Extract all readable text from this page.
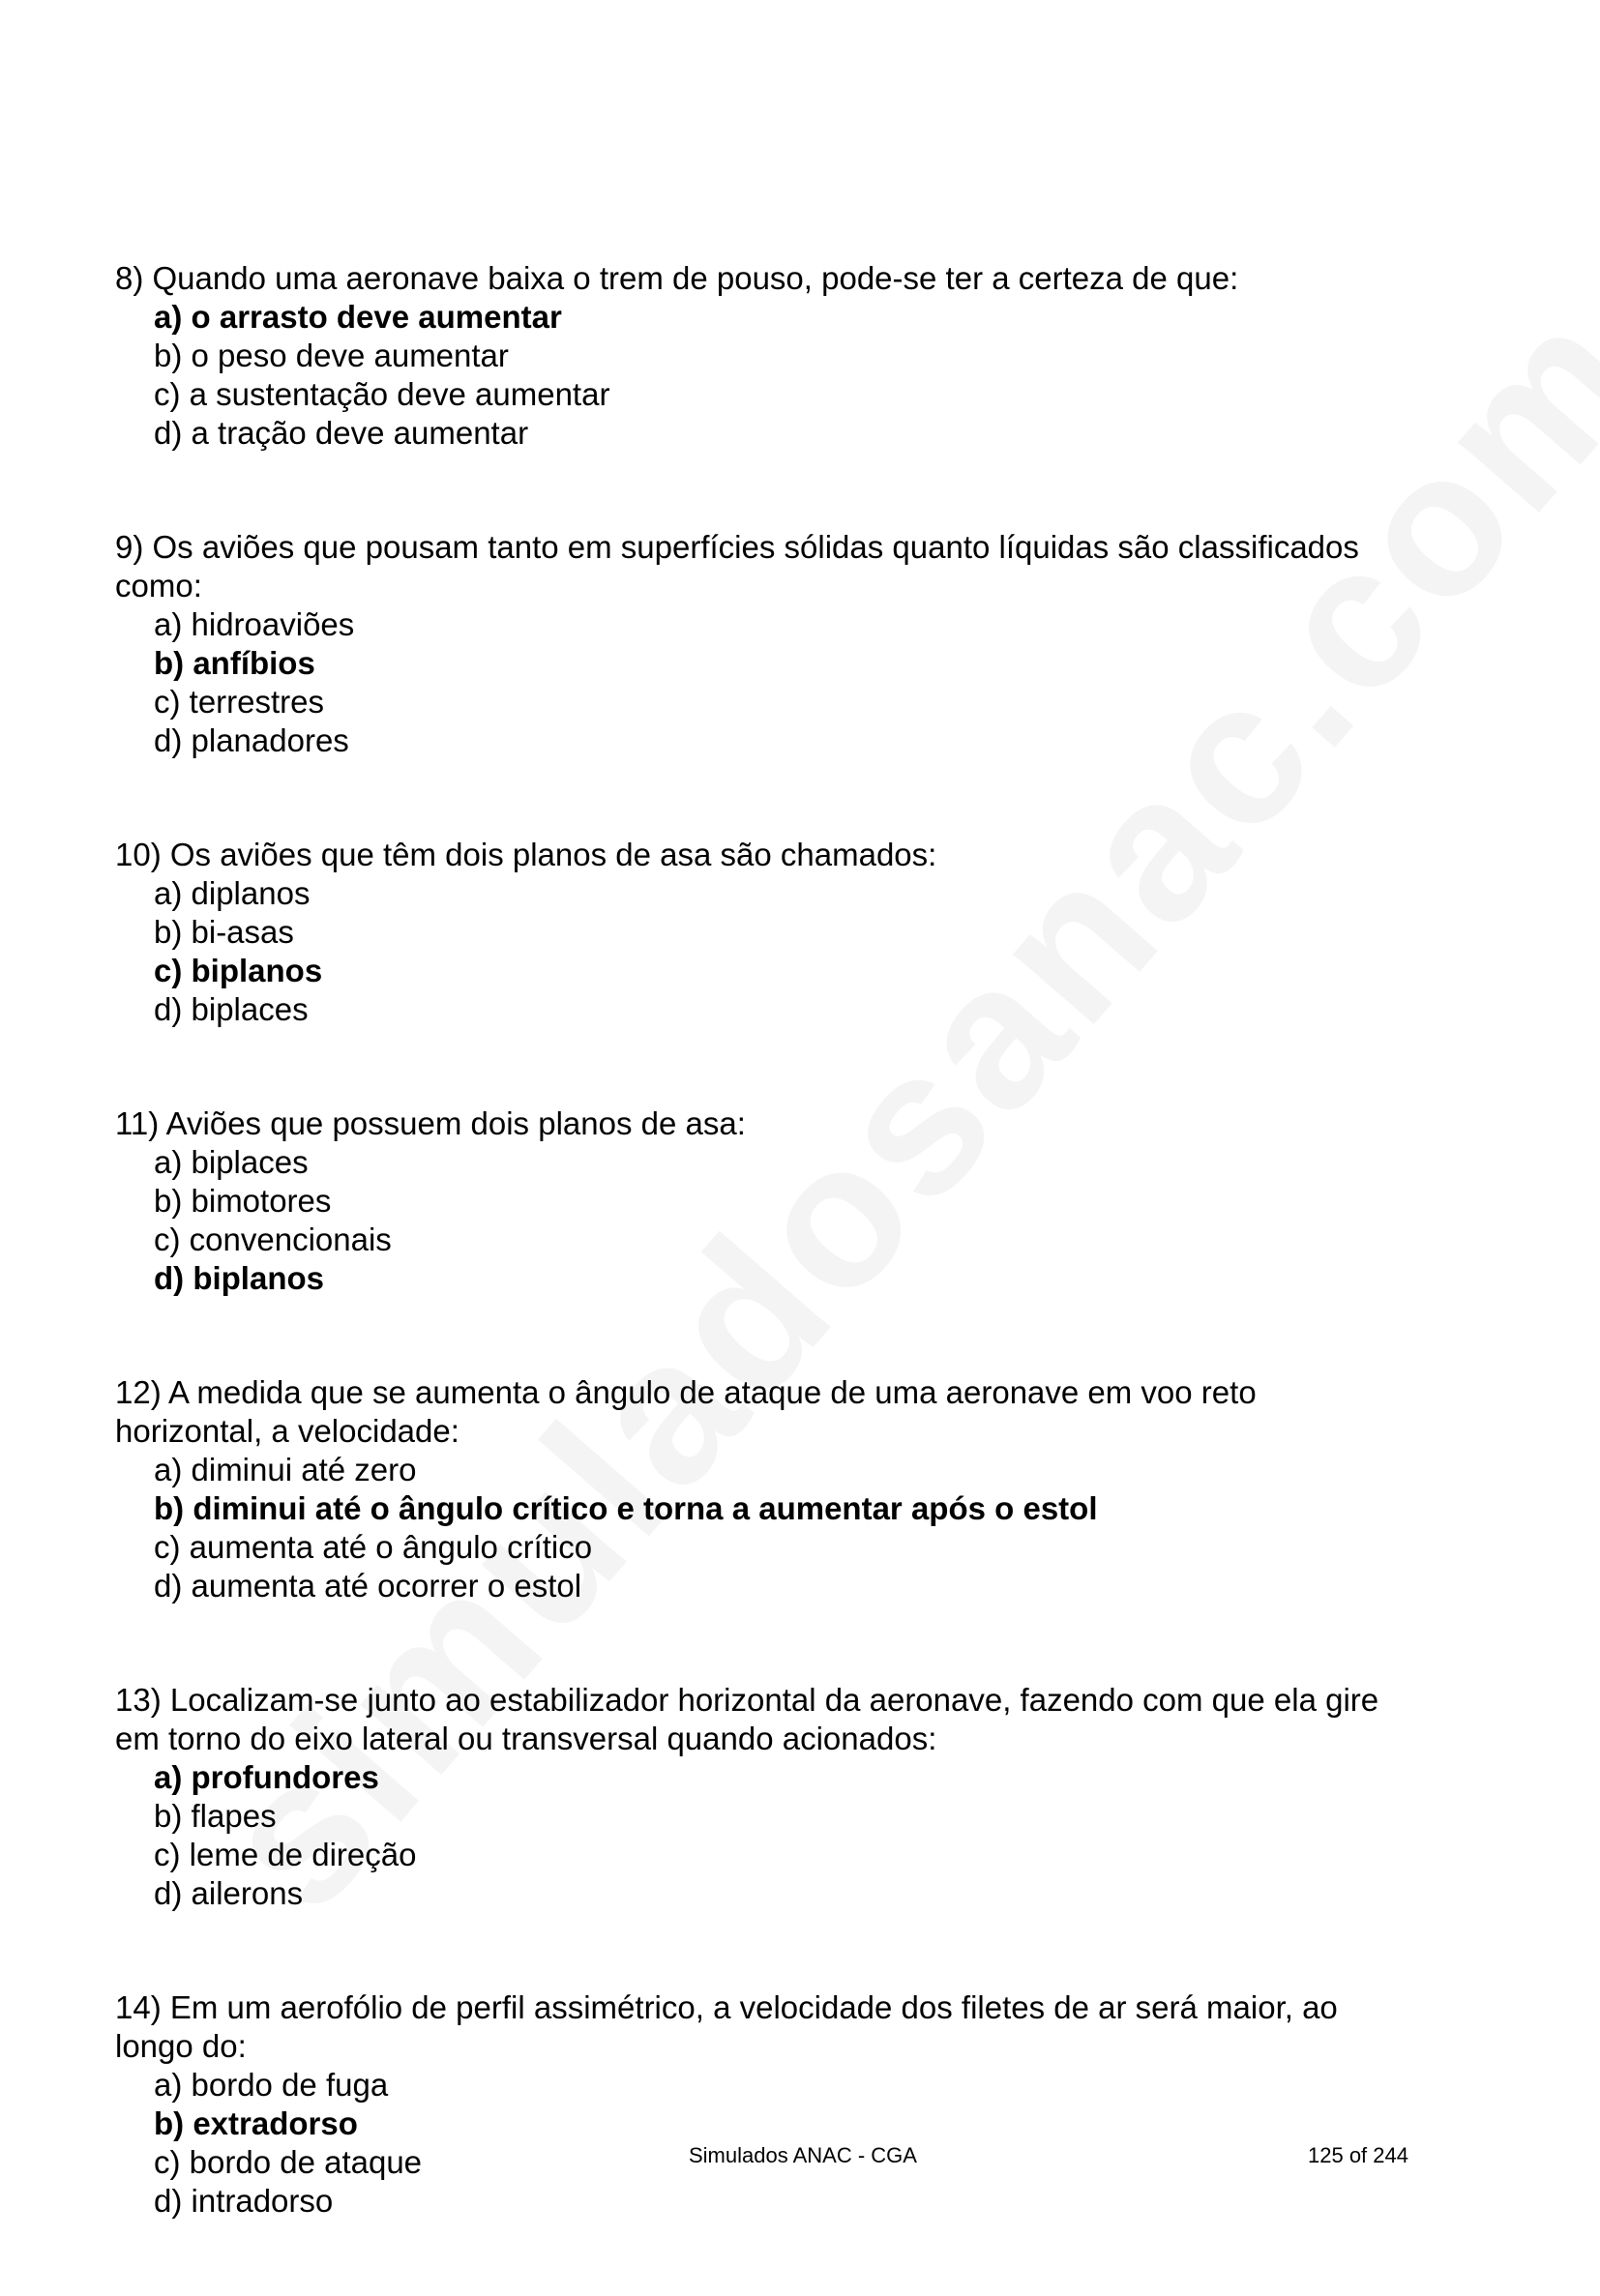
8) Quando uma aeronave baixa o trem de pouso, pode-se ter a certeza de que:
a) o arrasto deve aumentar
b) o peso deve aumentar
c) a sustentação deve aumentar
d) a tração deve aumentar
9) Os aviões que pousam tanto em superfícies sólidas quanto líquidas são classificados
como:
a) hidroaviões
b) anfíbios
c) terrestres
d) planadores
10) Os aviões que têm dois planos de asa são chamados:
a) diplanos
b) bi-asas
c) biplanos
d) biplaces
11) Aviões que possuem dois planos de asa:
a) biplaces
b) bimotores
c) convencionais
d) biplanos
12) A medida que se aumenta o ângulo de ataque de uma aeronave em voo reto
horizontal, a velocidade:
a) diminui até zero
b) diminui até o ângulo crítico e torna a aumentar após o estol
c) aumenta até o ângulo crítico
d) aumenta até ocorrer o estol
13) Localizam-se junto ao estabilizador horizontal da aeronave, fazendo com que ela gire
em torno do eixo lateral ou transversal quando acionados:
a) profundores
b) flapes
c) leme de direção
d) ailerons
14) Em um aerofólio de perfil assimétrico, a velocidade dos filetes de ar será maior, ao
longo do:
a) bordo de fuga
b) extradorso
c) bordo de ataque
d) intradorso
Simulados ANAC - CGA	125 of 244
